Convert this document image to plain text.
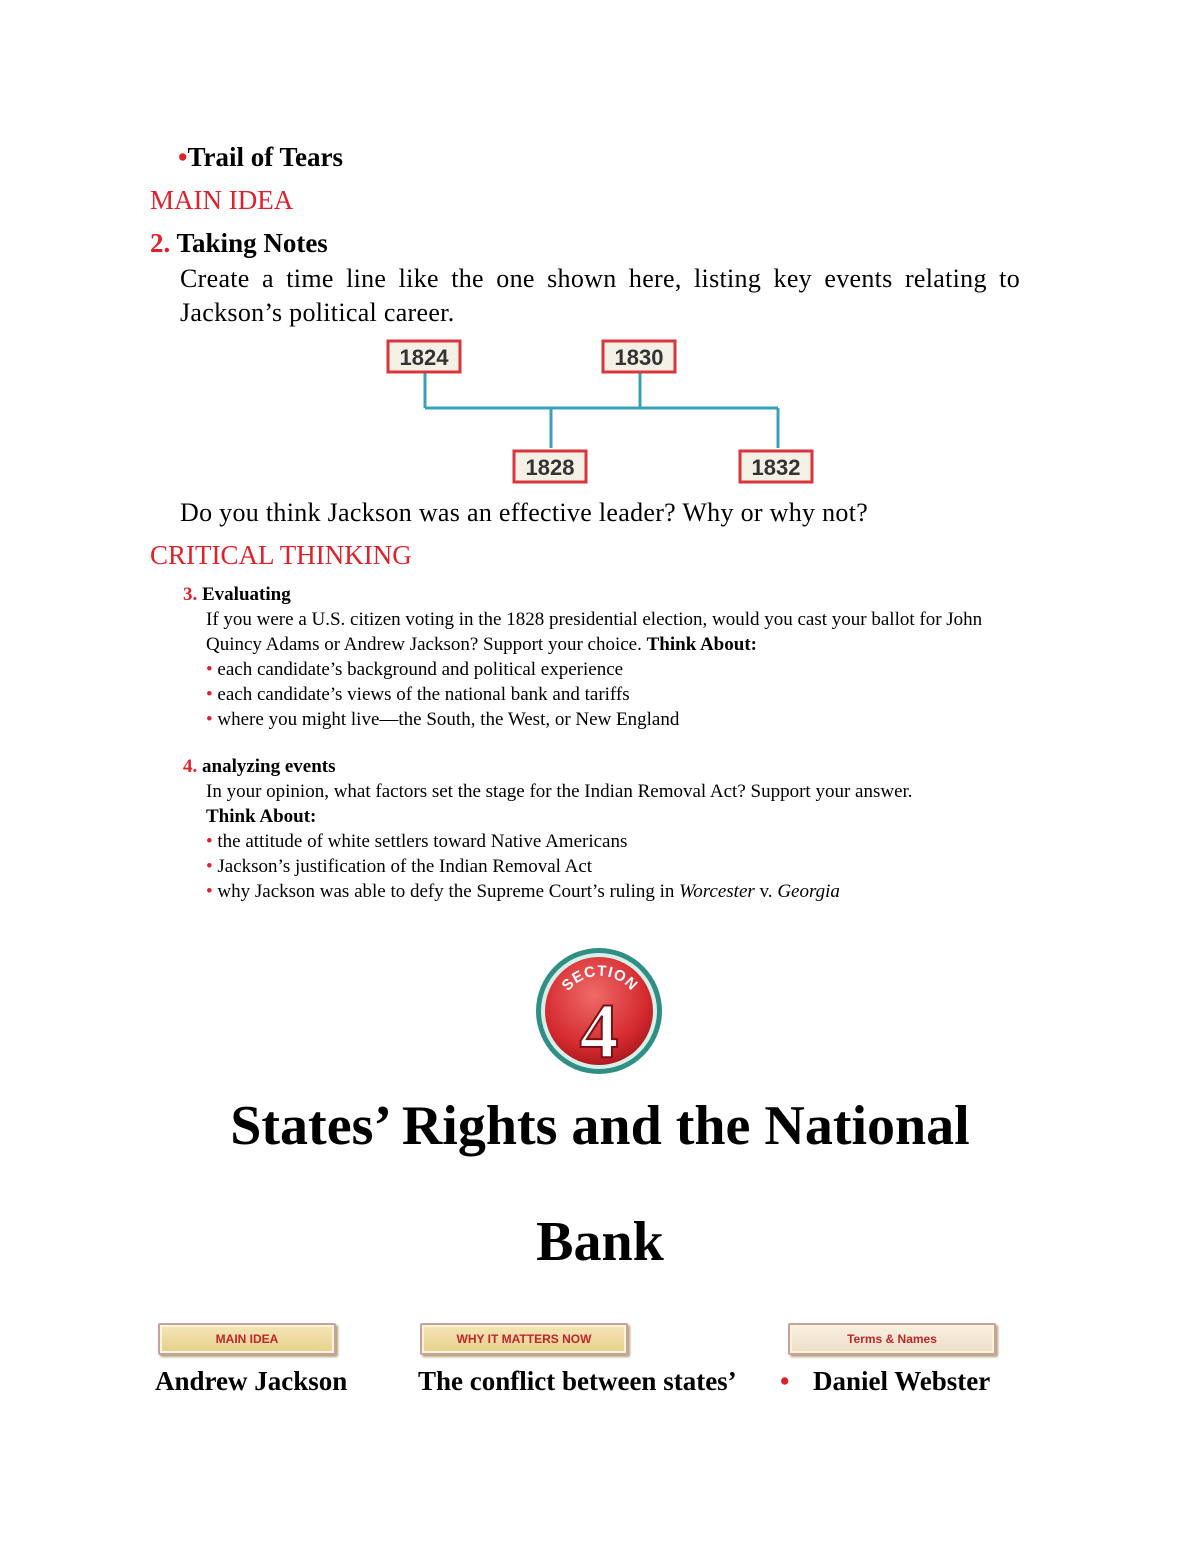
•Trail of Tears
MAIN IDEA
2. Taking Notes
Create a time line like the one shown here, listing key events relating to Jackson’s political career.
1824	1830
1828	1832
Do you think Jackson was an effective leader? Why or why not?
CRITICAL THINKING
3. Evaluating
If you were a U.S. citizen voting in the 1828 presidential election, would you cast your ballot for John Quincy Adams or Andrew Jackson? Support your choice. Think About:
• each candidate’s background and political experience
• each candidate’s views of the national bank and tariffs
• where you might live—the South, the West, or New England
4. analyzing events
In your opinion, what factors set the stage for the Indian Removal Act? Support your answer.
Think About:
• the attitude of white settlers toward Native Americans
• Jackson’s justification of the Indian Removal Act
• why Jackson was able to defy the Supreme Court’s ruling in Worcester v. Georgia
SECTION
4
States’ Rights and the National
Bank
MAIN IDEA	WHY IT MATTERS NOW	Terms & Names
Andrew Jackson	The conflict between states’ • Daniel Webster
